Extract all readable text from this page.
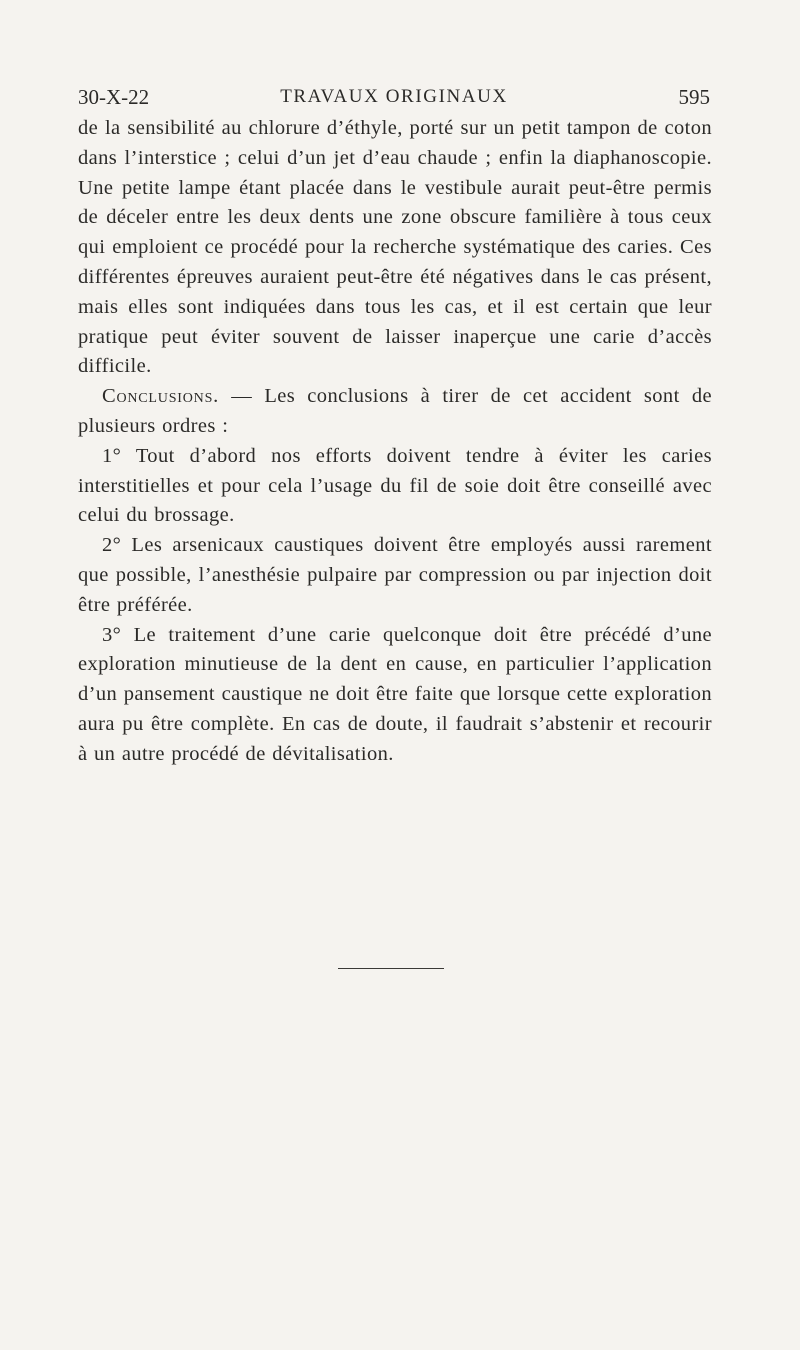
30-X-22	TRAVAUX ORIGINAUX	595

de la sensibilité au chlorure d’éthyle, porté sur un petit tampon de coton dans l’interstice ; celui d’un jet d’eau chaude ; enfin la diaphanoscopie. Une petite lampe étant placée dans le vestibule aurait peut-être permis de déceler entre les deux dents une zone obscure familière à tous ceux qui emploient ce procédé pour la recherche systématique des caries. Ces différentes épreuves auraient peut-être été négatives dans le cas présent, mais elles sont indiquées dans tous les cas, et il est certain que leur pratique peut éviter souvent de laisser inaperçue une carie d’accès difficile.

Conclusions. — Les conclusions à tirer de cet accident sont de plusieurs ordres :

1° Tout d’abord nos efforts doivent tendre à éviter les caries interstitielles et pour cela l’usage du fil de soie doit être conseillé avec celui du brossage.

2° Les arsenicaux caustiques doivent être employés aussi rarement que possible, l’anesthésie pulpaire par compression ou par injection doit être préférée.

3° Le traitement d’une carie quelconque doit être précédé d’une exploration minutieuse de la dent en cause, en particulier l’application d’un pansement caustique ne doit être faite que lorsque cette exploration aura pu être complète. En cas de doute, il faudrait s’abstenir et recourir à un autre procédé de dévitalisation.
